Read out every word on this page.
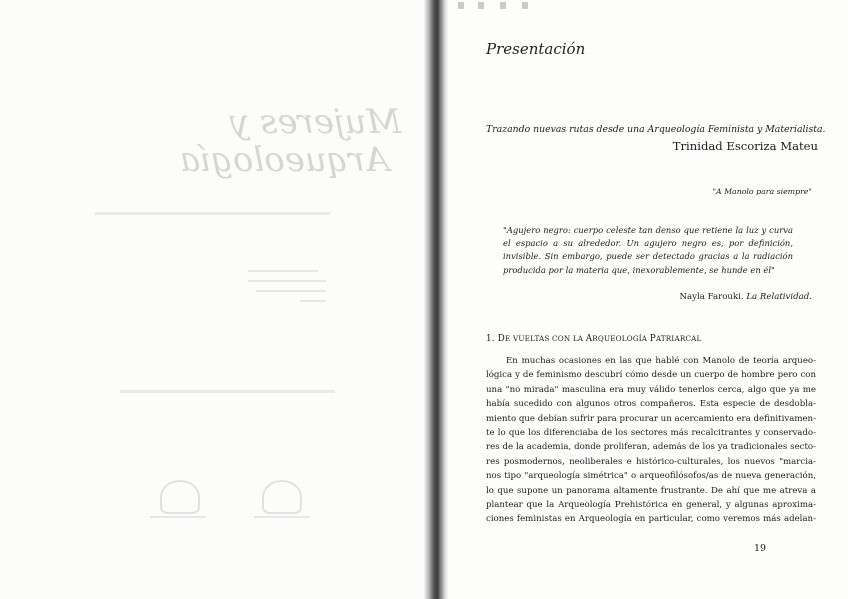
Mujeres y
Arqueología
Presentación
Trazando nuevas rutas desde una Arqueología Feminista y Materialista.
Trinidad Escoriza Mateu
"A Manolo para siempre"

"Agujero negro: cuerpo celeste tan denso que retiene la luz y curva el espacio a su alrededor. Un agujero negro es, por definición, invisible. Sin embargo, puede ser detectado gracias a la radiación producida por la materia que, inexorablemente, se hunde en él"

Nayla Farouki. La Relatividad.
1. DE VUELTAS CON LA ARQUEOLOGÍA PATRIARCAL
En muchas ocasiones en las que hablé con Manolo de teoría arqueo-
lógica y de feminismo descubrí cómo desde un cuerpo de hombre pero con
una "no mirada" masculina era muy válido tenerlos cerca, algo que ya me
había sucedido con algunos otros compañeros. Esta especie de desdobla-
miento que debían sufrir para procurar un acercamiento era definitivamen-
te lo que los diferenciaba de los sectores más recalcitrantes y conservado-
res de la academia, donde proliferan, además de los ya tradicionales secto-
res posmodernos, neoliberales e histórico-culturales, los nuevos "marcia-
nos tipo "arqueología simétrica" o arqueofilósofos/as de nueva generación,
lo que supone un panorama altamente frustrante. De ahí que me atreva a
plantear que la Arqueología Prehistórica en general, y algunas aproxima-
ciones feministas en Arqueología en particular, como veremos más adelan-
19
